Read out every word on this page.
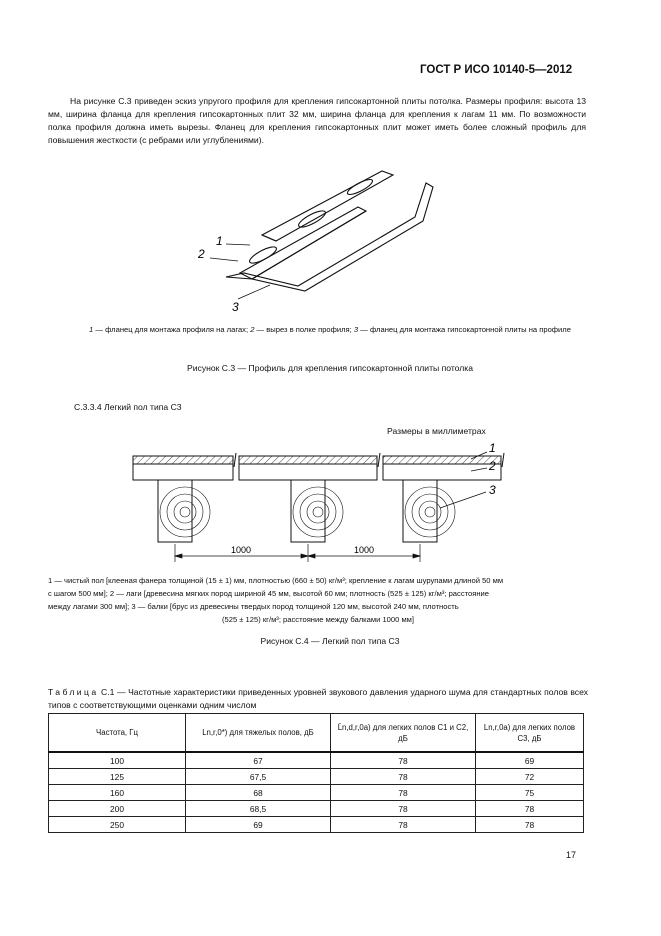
ГОСТ Р ИСО 10140-5—2012

На рисунке С.3 приведен эскиз упругого профиля для крепления гипсокартонной плиты потолка. Размеры профиля: высота 13 мм, ширина фланца для крепления гипсокартонных плит 32 мм, ширина фланца для крепления к лагам 11 мм. По возможности полка профиля должна иметь вырезы. Фланец для крепления гипсокартонных плит может иметь более сложный профиль для повышения жесткости (с ребрами или углублениями).

1
2
3
1 — фланец для монтажа профиля на лагах; 2 — вырез в полке профиля; 3 — фланец для монтажа гипсокартонной плиты на профиле
Рисунок С.3 — Профиль для крепления гипсокартонной плиты потолка
С.3.3.4 Легкий пол типа С3
Размеры в миллиметрах
1
2
3
1000	1000
1 — чистый пол [клееная фанера толщиной (15 ± 1) мм, плотностью (660 ± 50) кг/м³; крепление к лагам шурупами длиной 50 мм
с шагом 500 мм]; 2 — лаги [древесина мягких пород шириной 45 мм, высотой 60 мм; плотность (525 ± 125) кг/м³; расстояние
между лагами 300 мм]; 3 — балки [брус из древесины твердых пород толщиной 120 мм, высотой 240 мм, плотность
(525 ± 125) кг/м³; расстояние между балками 1000 мм]
Рисунок С.4 — Легкий пол типа С3
Таблица С.1 — Частотные характеристики приведенных уровней звукового давления ударного шума для стандартных полов всех типов с соответствующими оценками одним числом
Частота, Гц	Ln,r,0*) для тяжелых полов, дБ	L̄n,d,r,0а) для легких полов С1 и С2, дБ	Ln,r,0а) для легких полов С3, дБ
100	67	78	69
125	67,5	78	72
160	68	78	75
200	68,5	78	78
250	69	78	78
17
